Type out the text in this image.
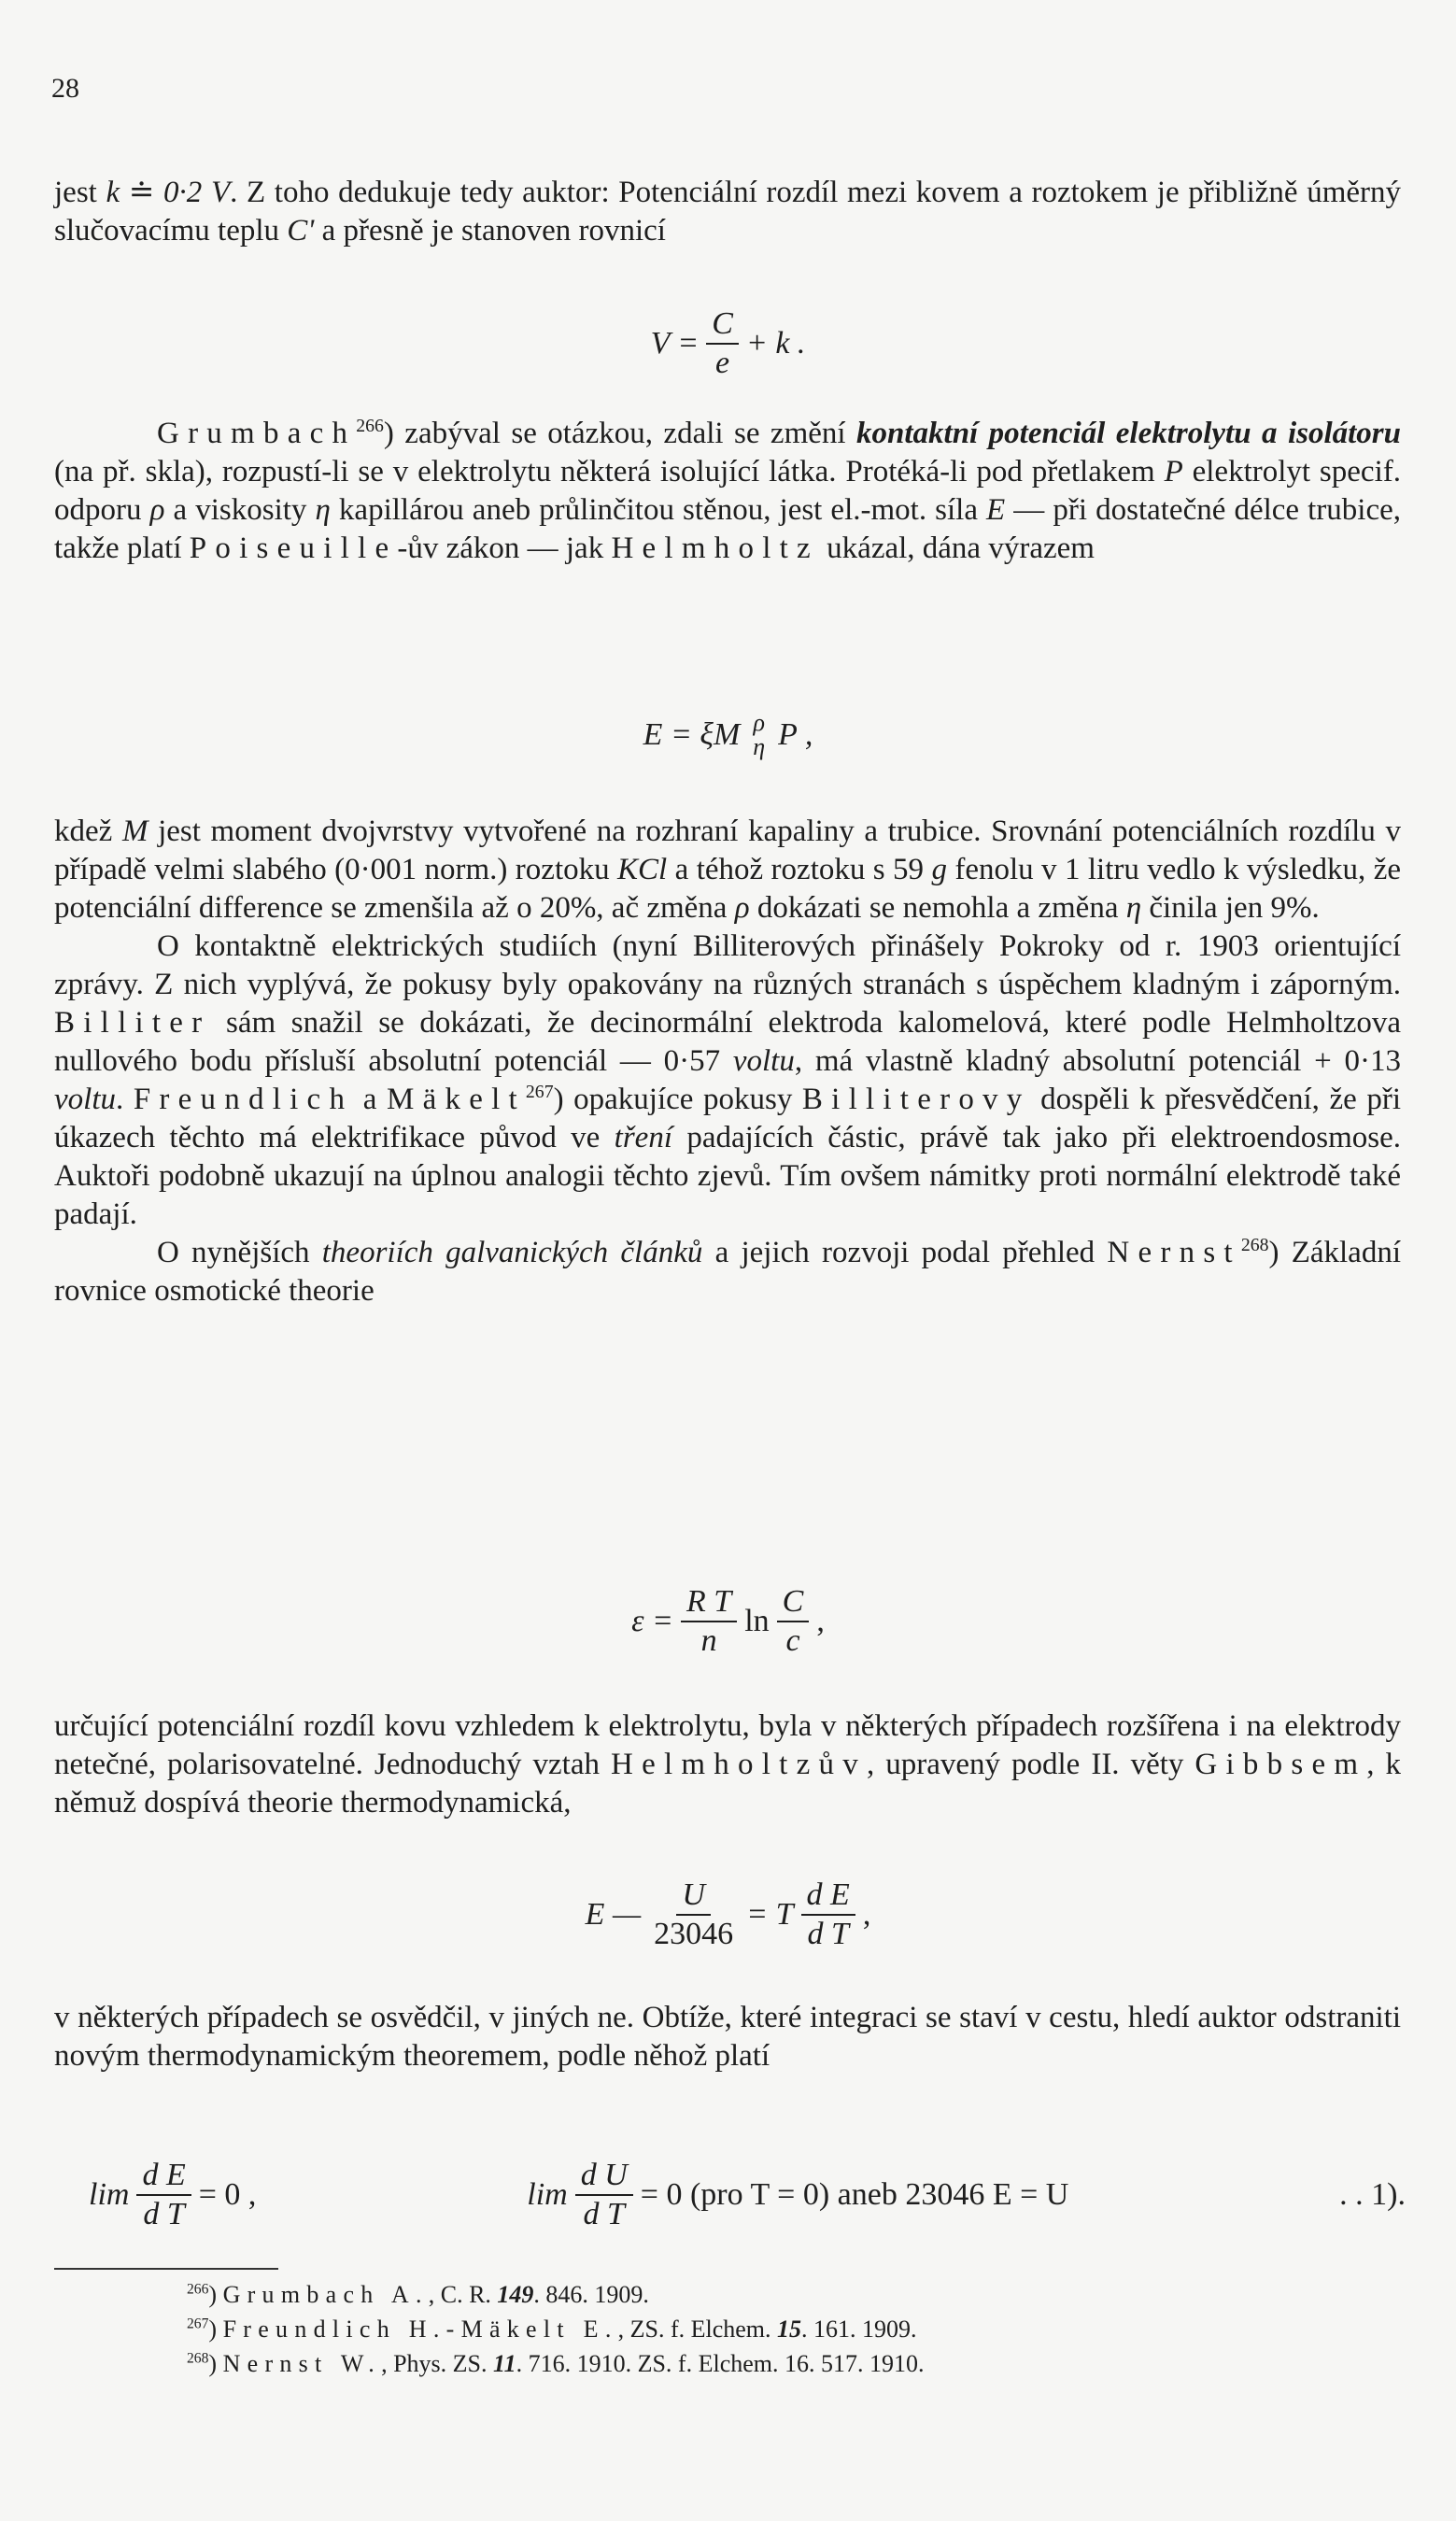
28

jest k ≐ 0·2 V. Z toho dedukuje tedy auktor: Potenciální rozdíl mezi kovem a roztokem je přibližně úměrný slučovacímu teplu C' a přesně je stanoven rovnicí

$V = \frac{C}{e} + k$ .

Grumbach$^{266}$) zabýval se otázkou, zdali se změní kontaktní potenciál elektrolytu a isolátoru (na př. skla), rozpustí-li se v elektrolytu některá isolující látka. Protéká-li pod přetlakem P elektrolyt specif. odporu ρ a viskosity η kapillárou aneb průlinčitou stěnou, jest el.-mot. síla E — při dostatečné délce trubice, takže platí Poiseuille-ův zákon — jak Helmholtz ukázal, dána výrazem

E = ξM ρ
η P ,

kdež M jest moment dvojvrstvy vytvořené na rozhraní kapaliny a trubice. Srovnání potenciálních rozdílu v případě velmi slabého (0·001 norm.) roztoku KCl a téhož roztoku s 59 g fenolu v 1 litru vedlo k výsledku, že potenciální differencе se zmenšila až o 20%, ač změna ρ dokázati se nemohla a změna η činila jen 9%.

O kontaktně elektrických studiích (nyní Billiterových přinášely Pokroky od r. 1903 orientující zprávy. Z nich vyplývá, že pokusy byly opakovány na různých stranách s úspěchem kladným i záporným. Billiter sám snažil se dokázati, že decinormální elektroda kalomelová, které podle Helmholtzova nullového bodu přísluší absolutní potenciál — 0·57 voltu, má vlastně kladný absolutní potenciál + 0·13 voltu. Freundlich a Mäkelt$^{267}$) opakujíce pokusy Billiterovy dospěli k přesvědčení, že při úkazech těchto má elektrifikace původ ve tření padajících částic, právě tak jako při elektroendosmose. Auktoři podobně ukazují na úplnou analogii těchto zjevů. Tím ovšem námitky proti normální elektrodě také padají.

O nynějších theoriích galvanických článků a jejich rozvoji podal přehled Nernst$^{268}$) Základní rovnice osmotické theorie

$\varepsilon = \frac{\text{R T}}{n}$ $\ln \frac{C}{c}$ ,

určující potenciální rozdíl kovu vzhledem k elektrolytu, byla v některých případech rozšířena i na elektrody netečné, polarisovatelné. Jednoduchý vztah Helmholtzův, upravený podle II. věty Gibbsem, k němuž dospívá theorie thermodynamická,

E — $\frac{U}{23046} = T \frac{\text{d E}}{\text{d T}}$ ,

v některých případech se osvědčil, v jiných ne. Obtíže, které integraci se staví v cestu, hledí auktor odstraniti novým thermodynamickým theoremem, podle něhož platí

$\lim \frac{\text{d E}}{\text{d T}} = 0$ ,	$\lim \frac{\text{d U}}{\text{d T}} = 0$ (pro T = 0) aneb 23046 E = U	. . 1).

$^{266}$) Grumbach A., C. R. 149. 846. 1909.

$^{267}$) Freundlich H.-Mäkelt E., ZS. f. Elchem. 15. 161. 1909.

$^{268}$) Nernst W., Phys. ZS. 11. 716. 1910. ZS. f. Elchem. 16. 517. 1910.
